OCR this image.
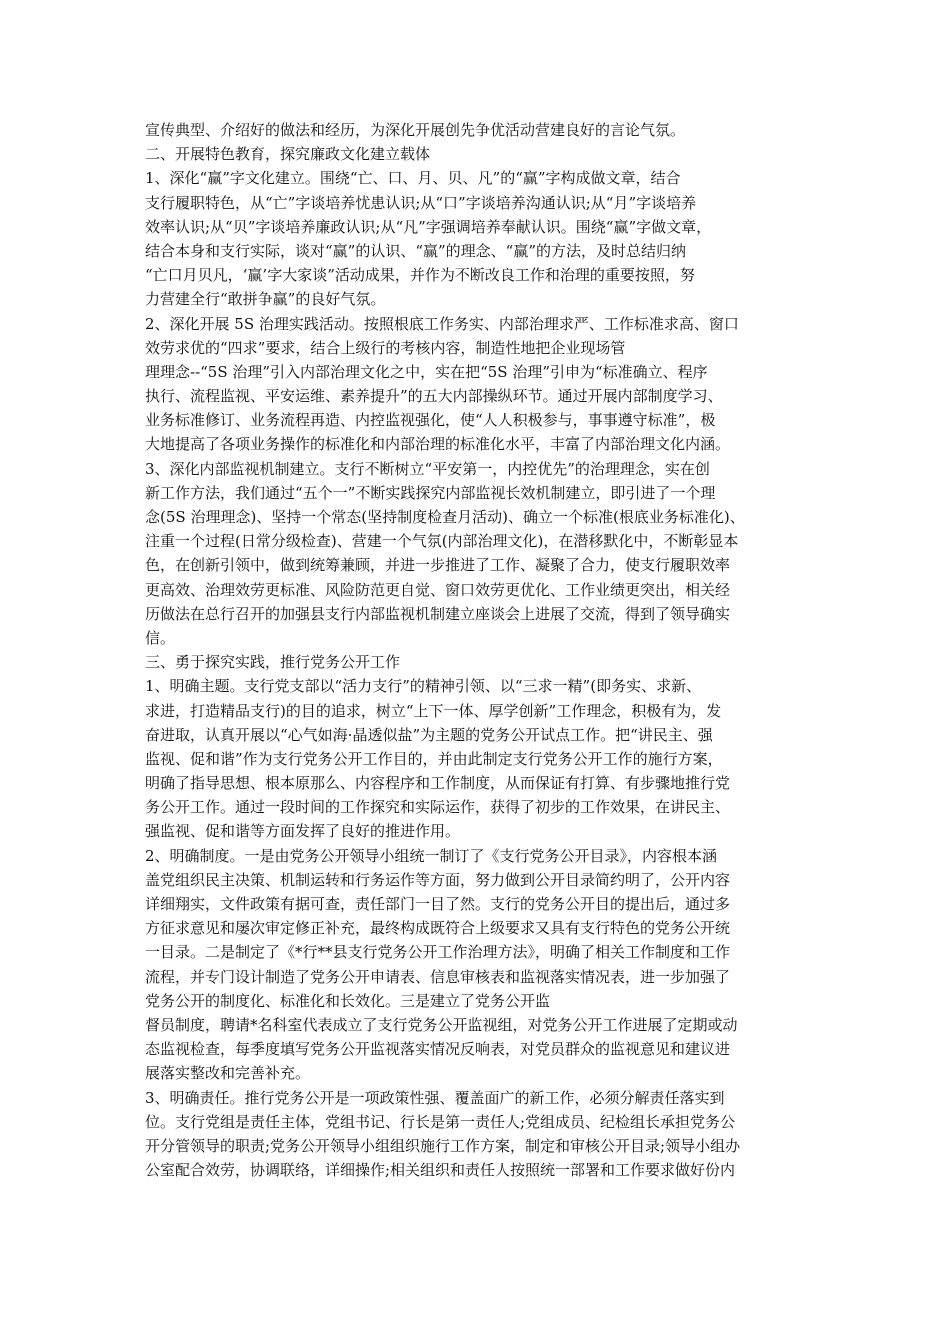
宣传典型、介绍好的做法和经历，为深化开展创先争优活动营建良好的言论气氛。
二、开展特色教育，探究廉政文化建立载体
1、深化“赢”字文化建立。围绕“亡、口、月、贝、凡”的“赢”字构成做文章，结合
支行履职特色，从“亡”字谈培养忧患认识;从“口”字谈培养沟通认识;从“月”字谈培养
效率认识;从“贝”字谈培养廉政认识;从“凡”字强调培养奉献认识。围绕“赢”字做文章，
结合本身和支行实际，谈对“赢”的认识、“赢”的理念、“赢”的方法，及时总结归纳
“亡口月贝凡，‘赢’字大家谈”活动成果，并作为不断改良工作和治理的重要按照，努
力营建全行“敢拼争赢”的良好气氛。
2、深化开展 5S 治理实践活动。按照根底工作务实、内部治理求严、工作标准求高、窗口
效劳求优的“四求”要求，结合上级行的考核内容，制造性地把企业现场管
理理念--“5S 治理”引入内部治理文化之中，实在把“5S 治理”引申为“标准确立、程序
执行、流程监视、平安运维、素养提升”的五大内部操纵环节。通过开展内部制度学习、
业务标准修订、业务流程再造、内控监视强化，使“人人积极参与，事事遵守标准”，极
大地提高了各项业务操作的标准化和内部治理的标准化水平，丰富了内部治理文化内涵。
3、深化内部监视机制建立。支行不断树立“平安第一，内控优先”的治理理念，实在创
新工作方法，我们通过“五个一”不断实践探究内部监视长效机制建立，即引进了一个理
念(5S 治理理念)、坚持一个常态(坚持制度检查月活动)、确立一个标准(根底业务标准化)、
注重一个过程(日常分级检查)、营建一个气氛(内部治理文化)，在潜移默化中，不断彰显本
色，在创新引领中，做到统筹兼顾，并进一步推进了工作、凝聚了合力，使支行履职效率
更高效、治理效劳更标准、风险防范更自觉、窗口效劳更优化、工作业绩更突出，相关经
历做法在总行召开的加强县支行内部监视机制建立座谈会上进展了交流，得到了领导确实
信。
三、勇于探究实践，推行党务公开工作
1、明确主题。支行党支部以“活力支行”的精神引领、以“三求一精”(即务实、求新、
求进，打造精品支行)的目的追求，树立“上下一体、厚学创新”工作理念，积极有为，发
奋进取，认真开展以“心气如海·晶透似盐”为主题的党务公开试点工作。把“讲民主、强
监视、促和谐”作为支行党务公开工作目的，并由此制定支行党务公开工作的施行方案，
明确了指导思想、根本原那么、内容程序和工作制度，从而保证有打算、有步骤地推行党
务公开工作。通过一段时间的工作探究和实际运作，获得了初步的工作效果，在讲民主、
强监视、促和谐等方面发挥了良好的推进作用。
2、明确制度。一是由党务公开领导小组统一制订了《支行党务公开目录》，内容根本涵
盖党组织民主决策、机制运转和行务运作等方面，努力做到公开目录简约明了，公开内容
详细翔实，文件政策有据可查，责任部门一目了然。支行的党务公开目的提出后，通过多
方征求意见和屡次审定修正补充，最终构成既符合上级要求又具有支行特色的党务公开统
一目录。二是制定了《*行**县支行党务公开工作治理方法》，明确了相关工作制度和工作
流程，并专门设计制造了党务公开申请表、信息审核表和监视落实情况表，进一步加强了
党务公开的制度化、标准化和长效化。三是建立了党务公开监
督员制度，聘请*名科室代表成立了支行党务公开监视组，对党务公开工作进展了定期或动
态监视检查，每季度填写党务公开监视落实情况反响表，对党员群众的监视意见和建议进
展落实整改和完善补充。
3、明确责任。推行党务公开是一项政策性强、覆盖面广的新工作，必须分解责任落实到
位。支行党组是责任主体，党组书记、行长是第一责任人;党组成员、纪检组长承担党务公
开分管领导的职责;党务公开领导小组组织施行工作方案，制定和审核公开目录;领导小组办
公室配合效劳，协调联络，详细操作;相关组织和责任人按照统一部署和工作要求做好份内
